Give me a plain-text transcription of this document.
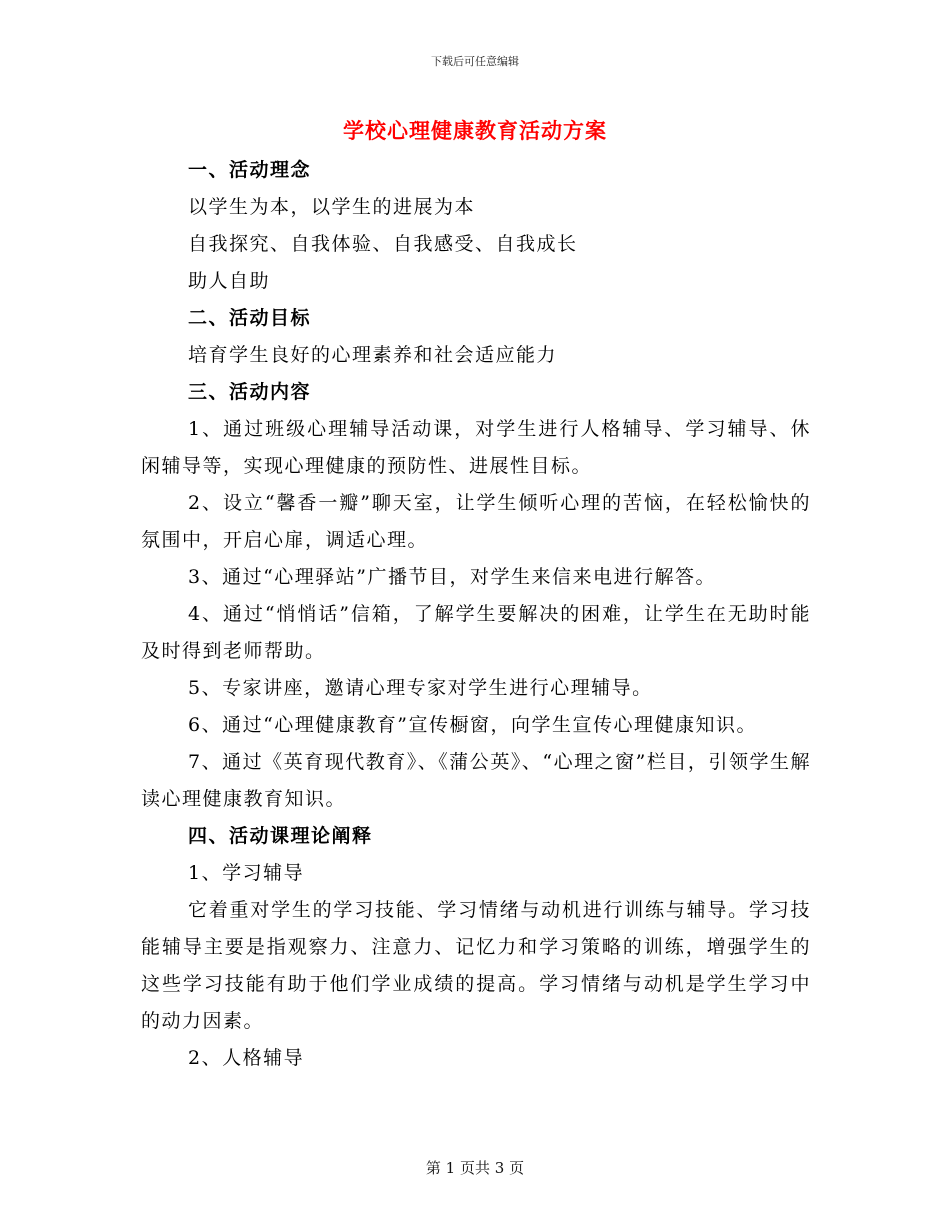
下载后可任意编辑
学校心理健康教育活动方案

一、活动理念

以学生为本，以学生的进展为本

自我探究、自我体验、自我感受、自我成长

助人自助

二、活动目标

培育学生良好的心理素养和社会适应能力

三、活动内容

1、通过班级心理辅导活动课，对学生进行人格辅导、学习辅导、休闲辅导等，实现心理健康的预防性、进展性目标。

2、设立“馨香一瓣”聊天室，让学生倾听心理的苦恼，在轻松愉快的氛围中，开启心扉，调适心理。

3、通过“心理驿站”广播节目，对学生来信来电进行解答。

4、通过“悄悄话”信箱，了解学生要解决的困难，让学生在无助时能及时得到老师帮助。

5、专家讲座，邀请心理专家对学生进行心理辅导。

6、通过“心理健康教育”宣传橱窗，向学生宣传心理健康知识。

7、通过《英育现代教育》、《蒲公英》、“心理之窗”栏目，引领学生解读心理健康教育知识。

四、活动课理论阐释

1、学习辅导

它着重对学生的学习技能、学习情绪与动机进行训练与辅导。学习技能辅导主要是指观察力、注意力、记忆力和学习策略的训练，增强学生的这些学习技能有助于他们学业成绩的提高。学习情绪与动机是学生学习中的动力因素。

2、人格辅导

第 1 页共 3 页
